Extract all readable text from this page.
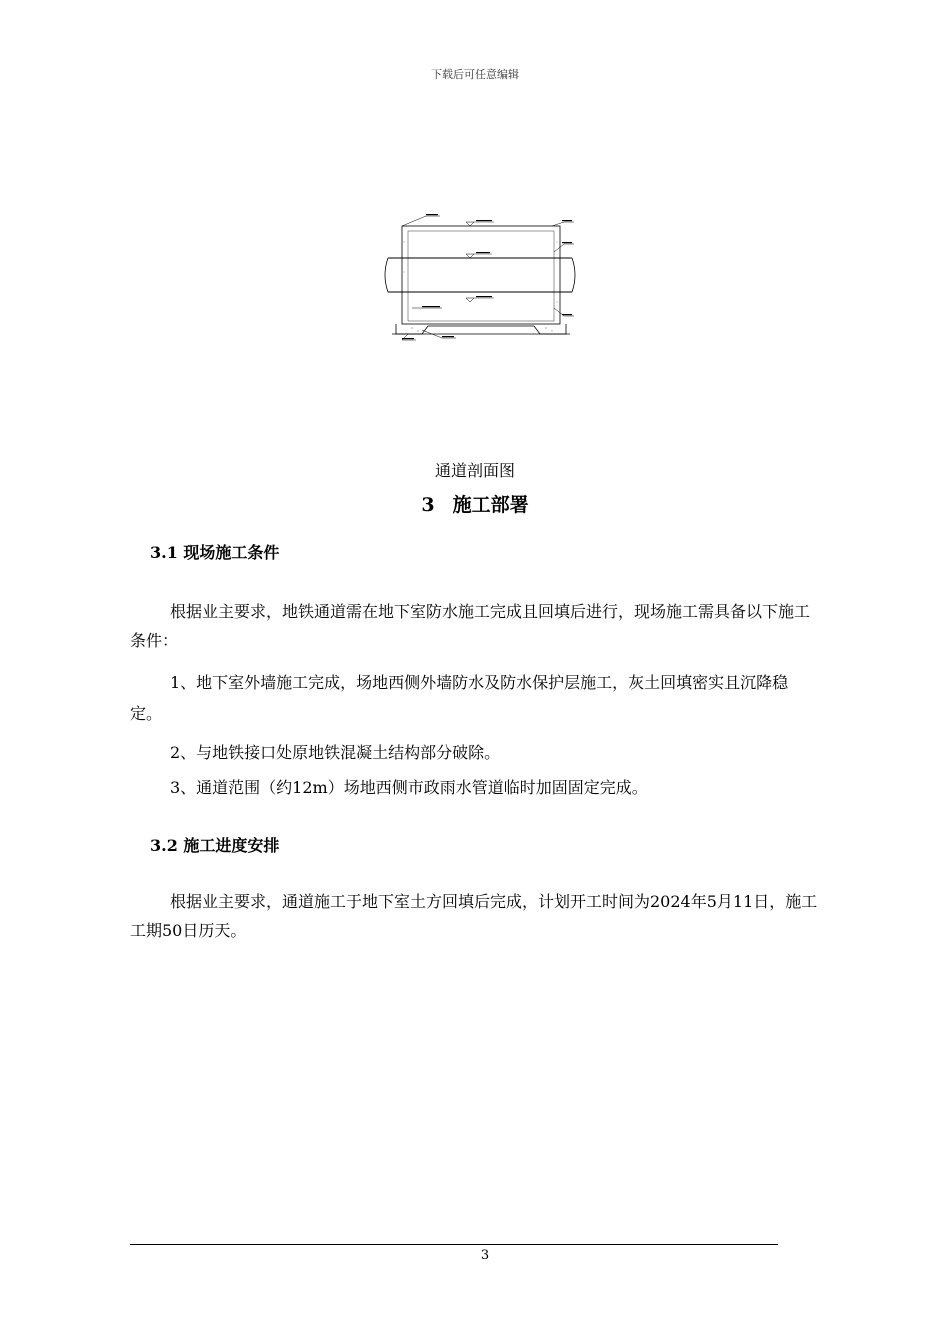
下载后可任意编辑
通道剖面图
3 施工部署
3.1 现场施工条件

根据业主要求，地铁通道需在地下室防水施工完成且回填后进行，现场施工需具备以下施工条件：

1、地下室外墙施工完成，场地西侧外墙防水及防水保护层施工，灰土回填密实且沉降稳定。

2、与地铁接口处原地铁混凝土结构部分破除。

3、通道范围（约12m）场地西侧市政雨水管道临时加固固定完成。

3.2 施工进度安排

根据业主要求，通道施工于地下室土方回填后完成，计划开工时间为2024年5月11日，施工工期50日历天。

3
